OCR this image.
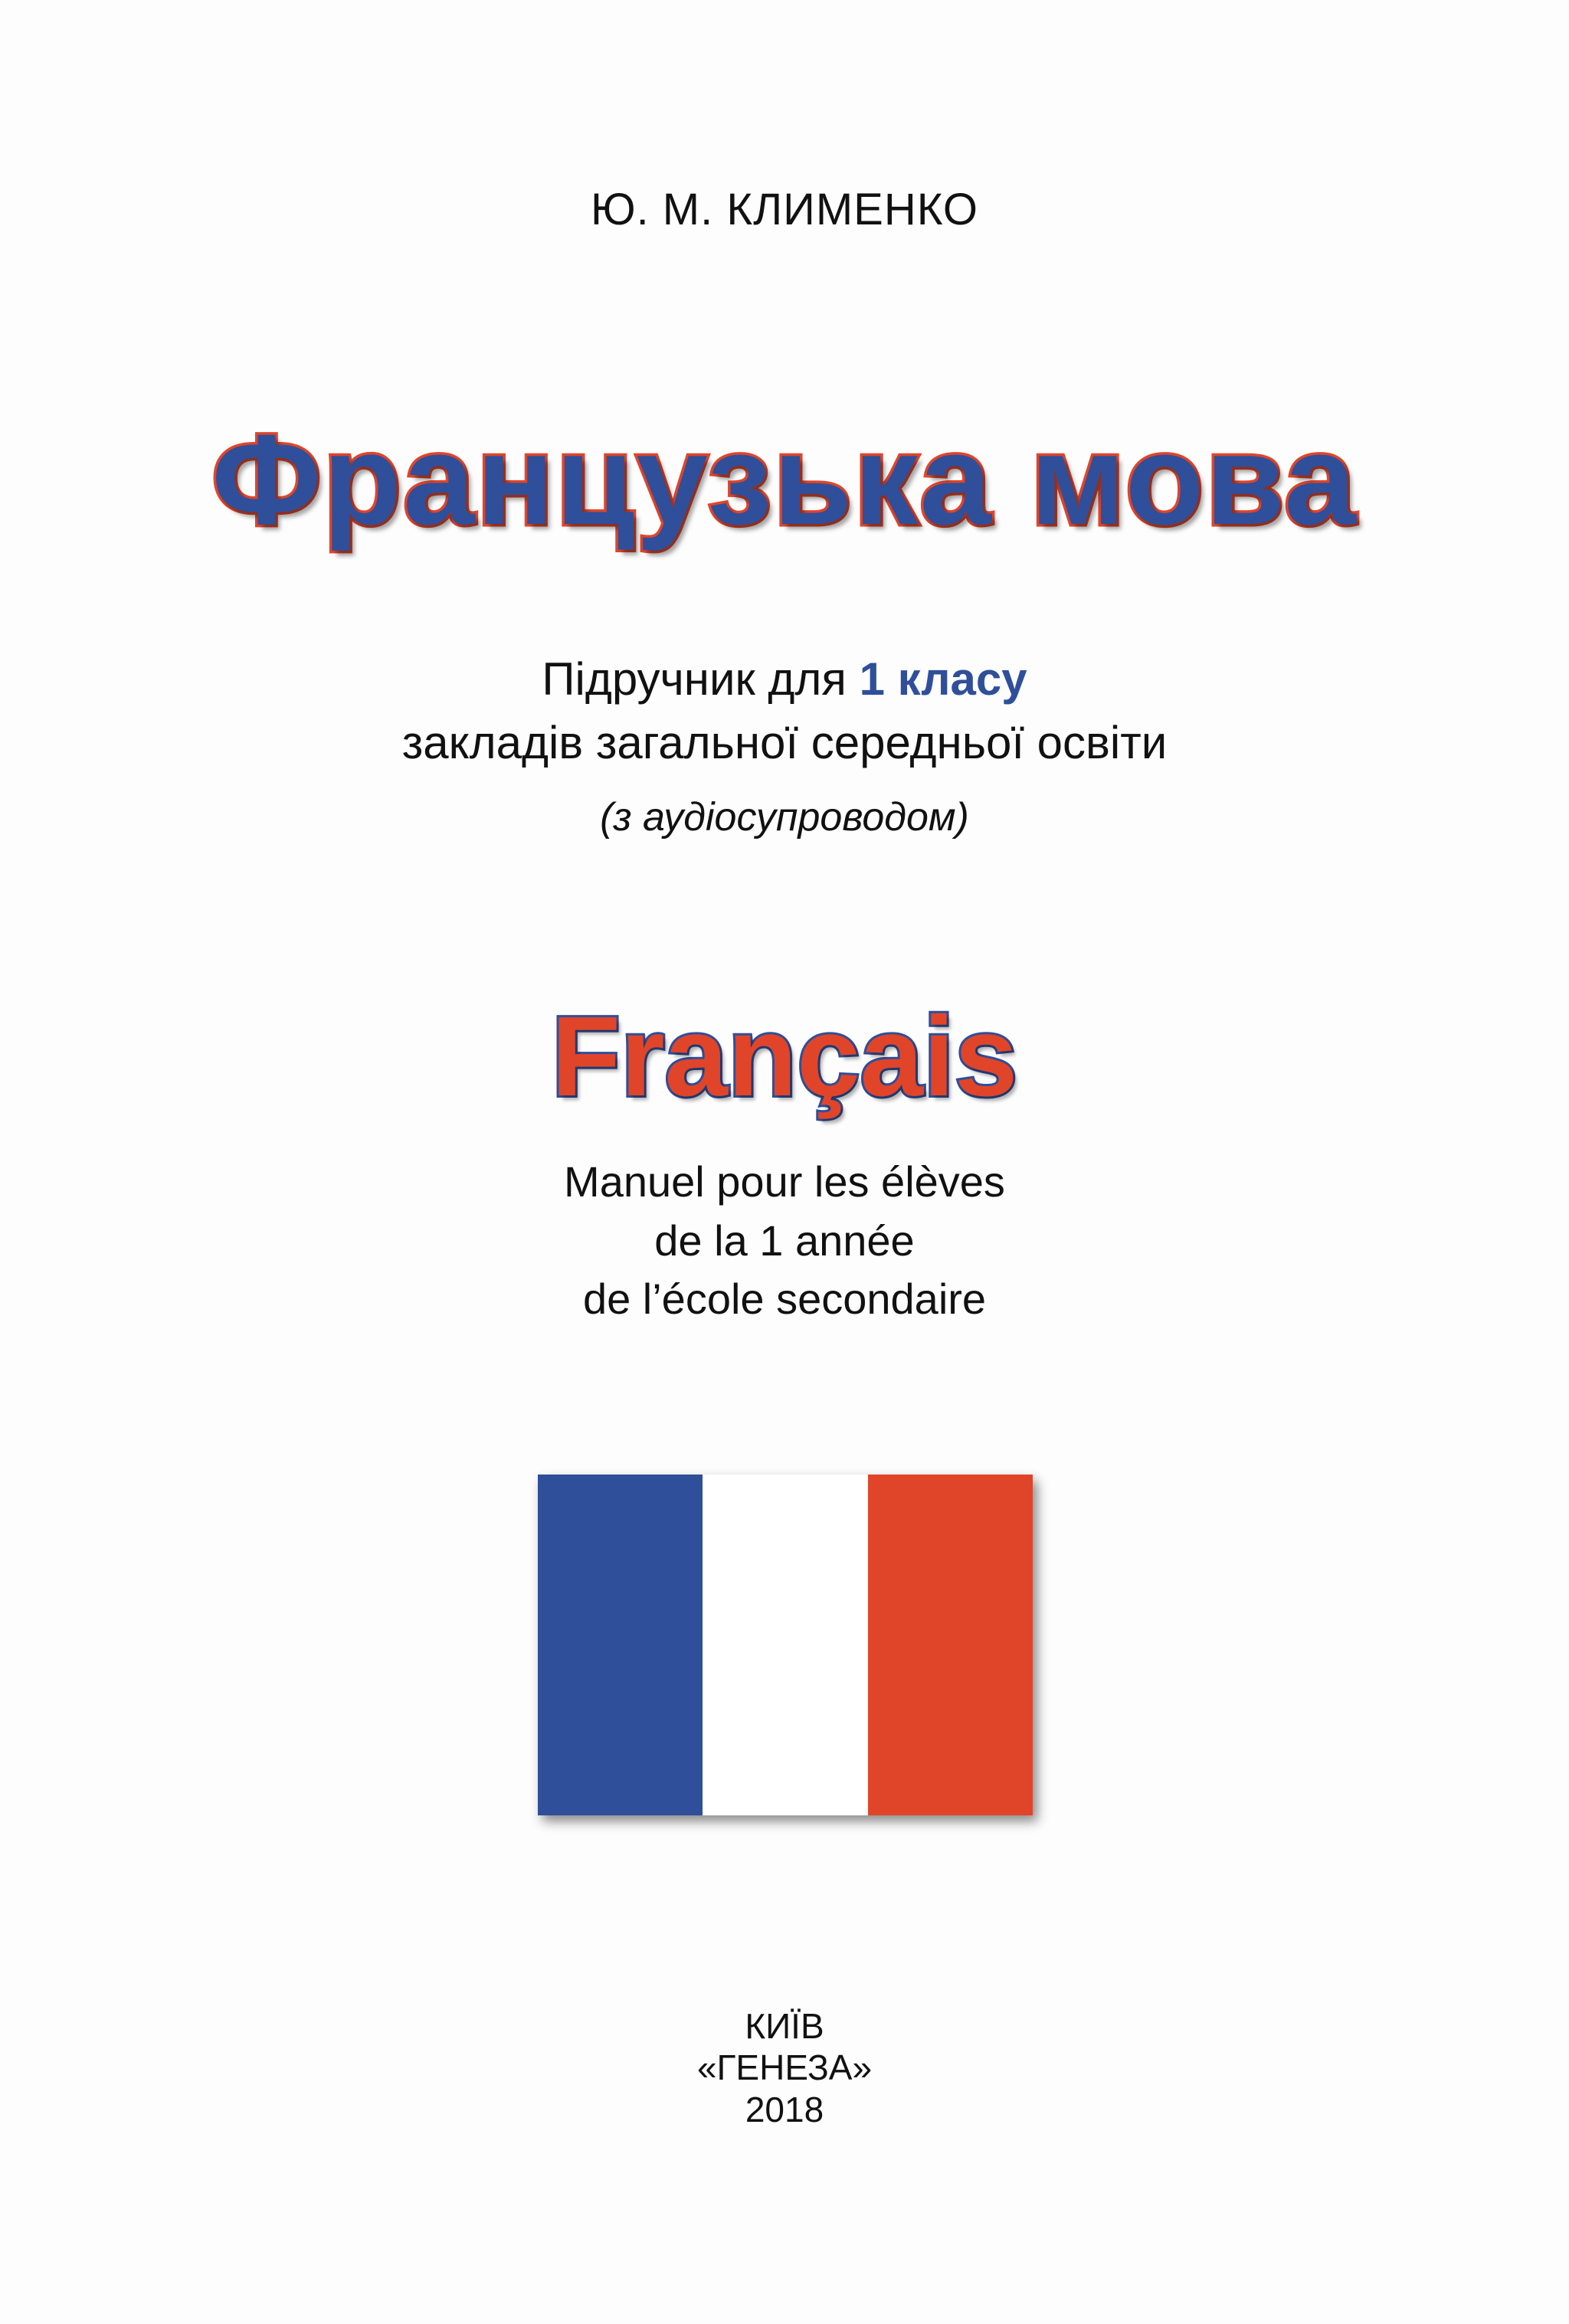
Ю. М. КЛИМЕНКО
Французька мова
Підручник для 1 класу
закладів загальної середньої освіти
(з аудіосупроводом)
Français
Manuel pour les élèves
de la 1 année
de l’école secondaire
КИЇВ
«ГЕНЕЗА»
2018
